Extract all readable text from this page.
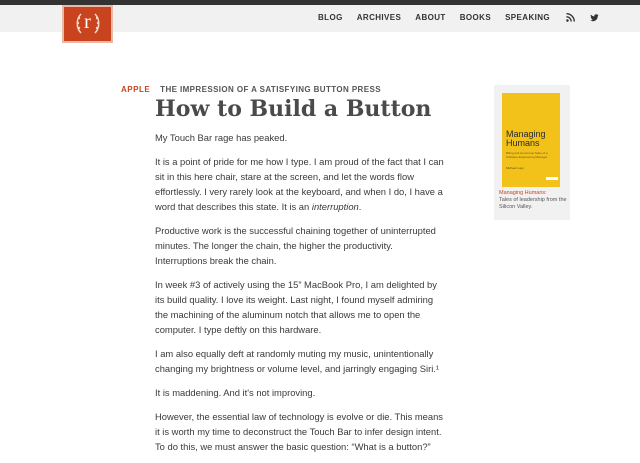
r	BLOG ARCHIVES ABOUT BOOKS SPEAKING
APPLE THE IMPRESSION OF A SATISFYING BUTTON PRESS
How to Build a Button

My Touch Bar rage has peaked.

It is a point of pride for me how I type. I am proud of the fact that I can sit in this here chair, stare at the screen, and let the words flow effortlessly. I very rarely look at the keyboard, and when I do, I have a word that describes this state. It is an interruption.

Productive work is the successful chaining together of uninterrupted minutes. The longer the chain, the higher the productivity. Interruptions break the chain.

In week #3 of actively using the 15” MacBook Pro, I am delighted by its build quality. I love its weight. Last night, I found myself admiring the machining of the aluminum notch that allows me to open the computer. I type deftly on this hardware.

I am also equally deft at randomly muting my music, unintentionally changing my brightness or volume level, and jarringly engaging Siri.¹

It is maddening. And it's not improving.

However, the essential law of technology is evolve or die. This means it is worth my time to deconstruct the Touch Bar to infer design intent. To do this, we must answer the basic question: “What is a button?”

Managing
Humans
Biting and Humorous Tales of a Software Engineering Manager
Michael Lopp
Managing Humans:
Tales of leadership from the Silicon Valley.
